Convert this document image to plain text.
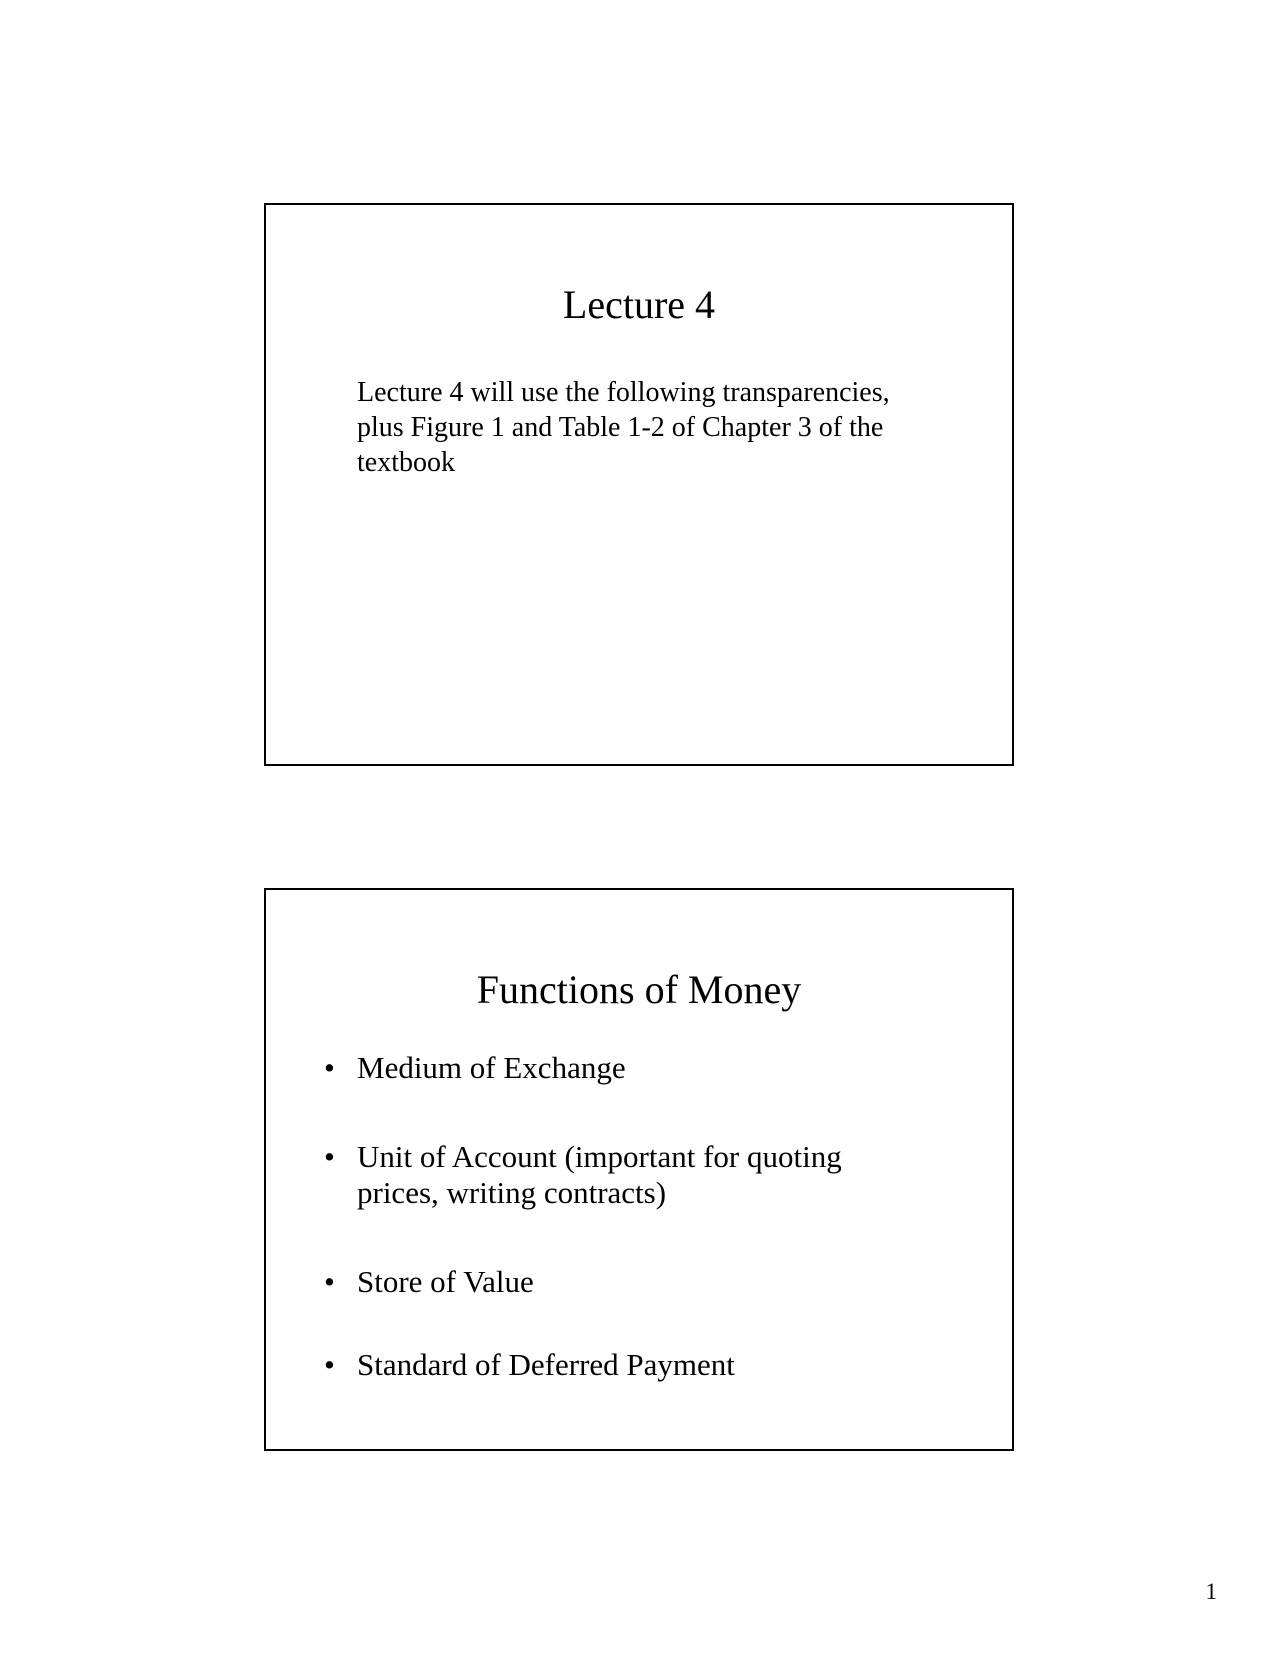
Lecture 4

Lecture 4 will use the following transparencies,
plus Figure 1 and Table 1-2 of Chapter 3 of the
textbook

Functions of Money
• Medium of Exchange
• Unit of Account (important for quoting
prices, writing contracts)
• Store of Value
• Standard of Deferred Payment
1
